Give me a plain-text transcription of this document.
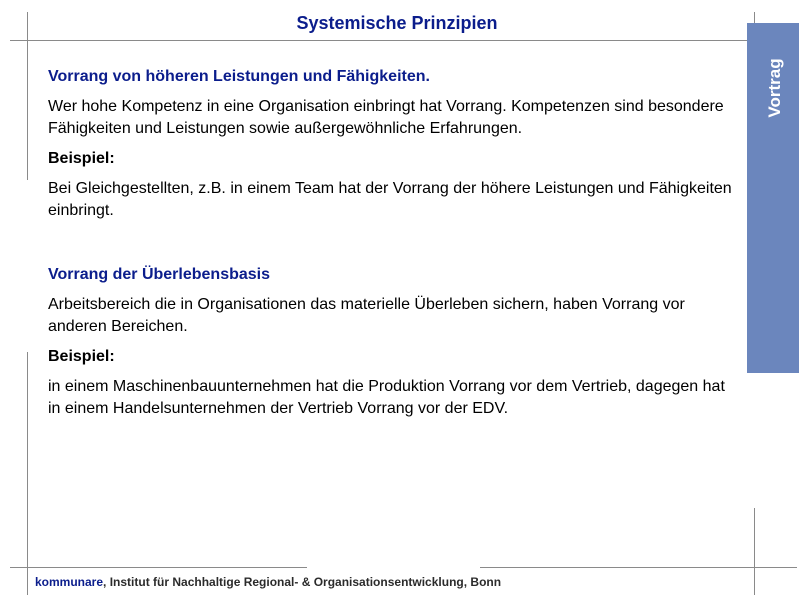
Systemische Prinzipien
Vortrag
Vorrang von höheren Leistungen und Fähigkeiten.
Wer hohe Kompetenz in eine Organisation einbringt hat Vorrang. Kompetenzen sind besondere Fähigkeiten und Leistungen sowie außergewöhnliche Erfahrungen.
Beispiel:
Bei Gleichgestellten, z.B. in einem Team hat der Vorrang der höhere Leistungen und Fähigkeiten einbringt.
Vorrang der Überlebensbasis
Arbeitsbereich die in Organisationen das materielle Überleben sichern, haben Vorrang vor anderen Bereichen.
Beispiel:
in einem Maschinenbauunternehmen hat die Produktion Vorrang vor dem Vertrieb, dagegen hat in einem Handelsunternehmen der Vertrieb Vorrang vor der EDV.
kommunare, Institut für Nachhaltige Regional- & Organisationsentwicklung, Bonn
